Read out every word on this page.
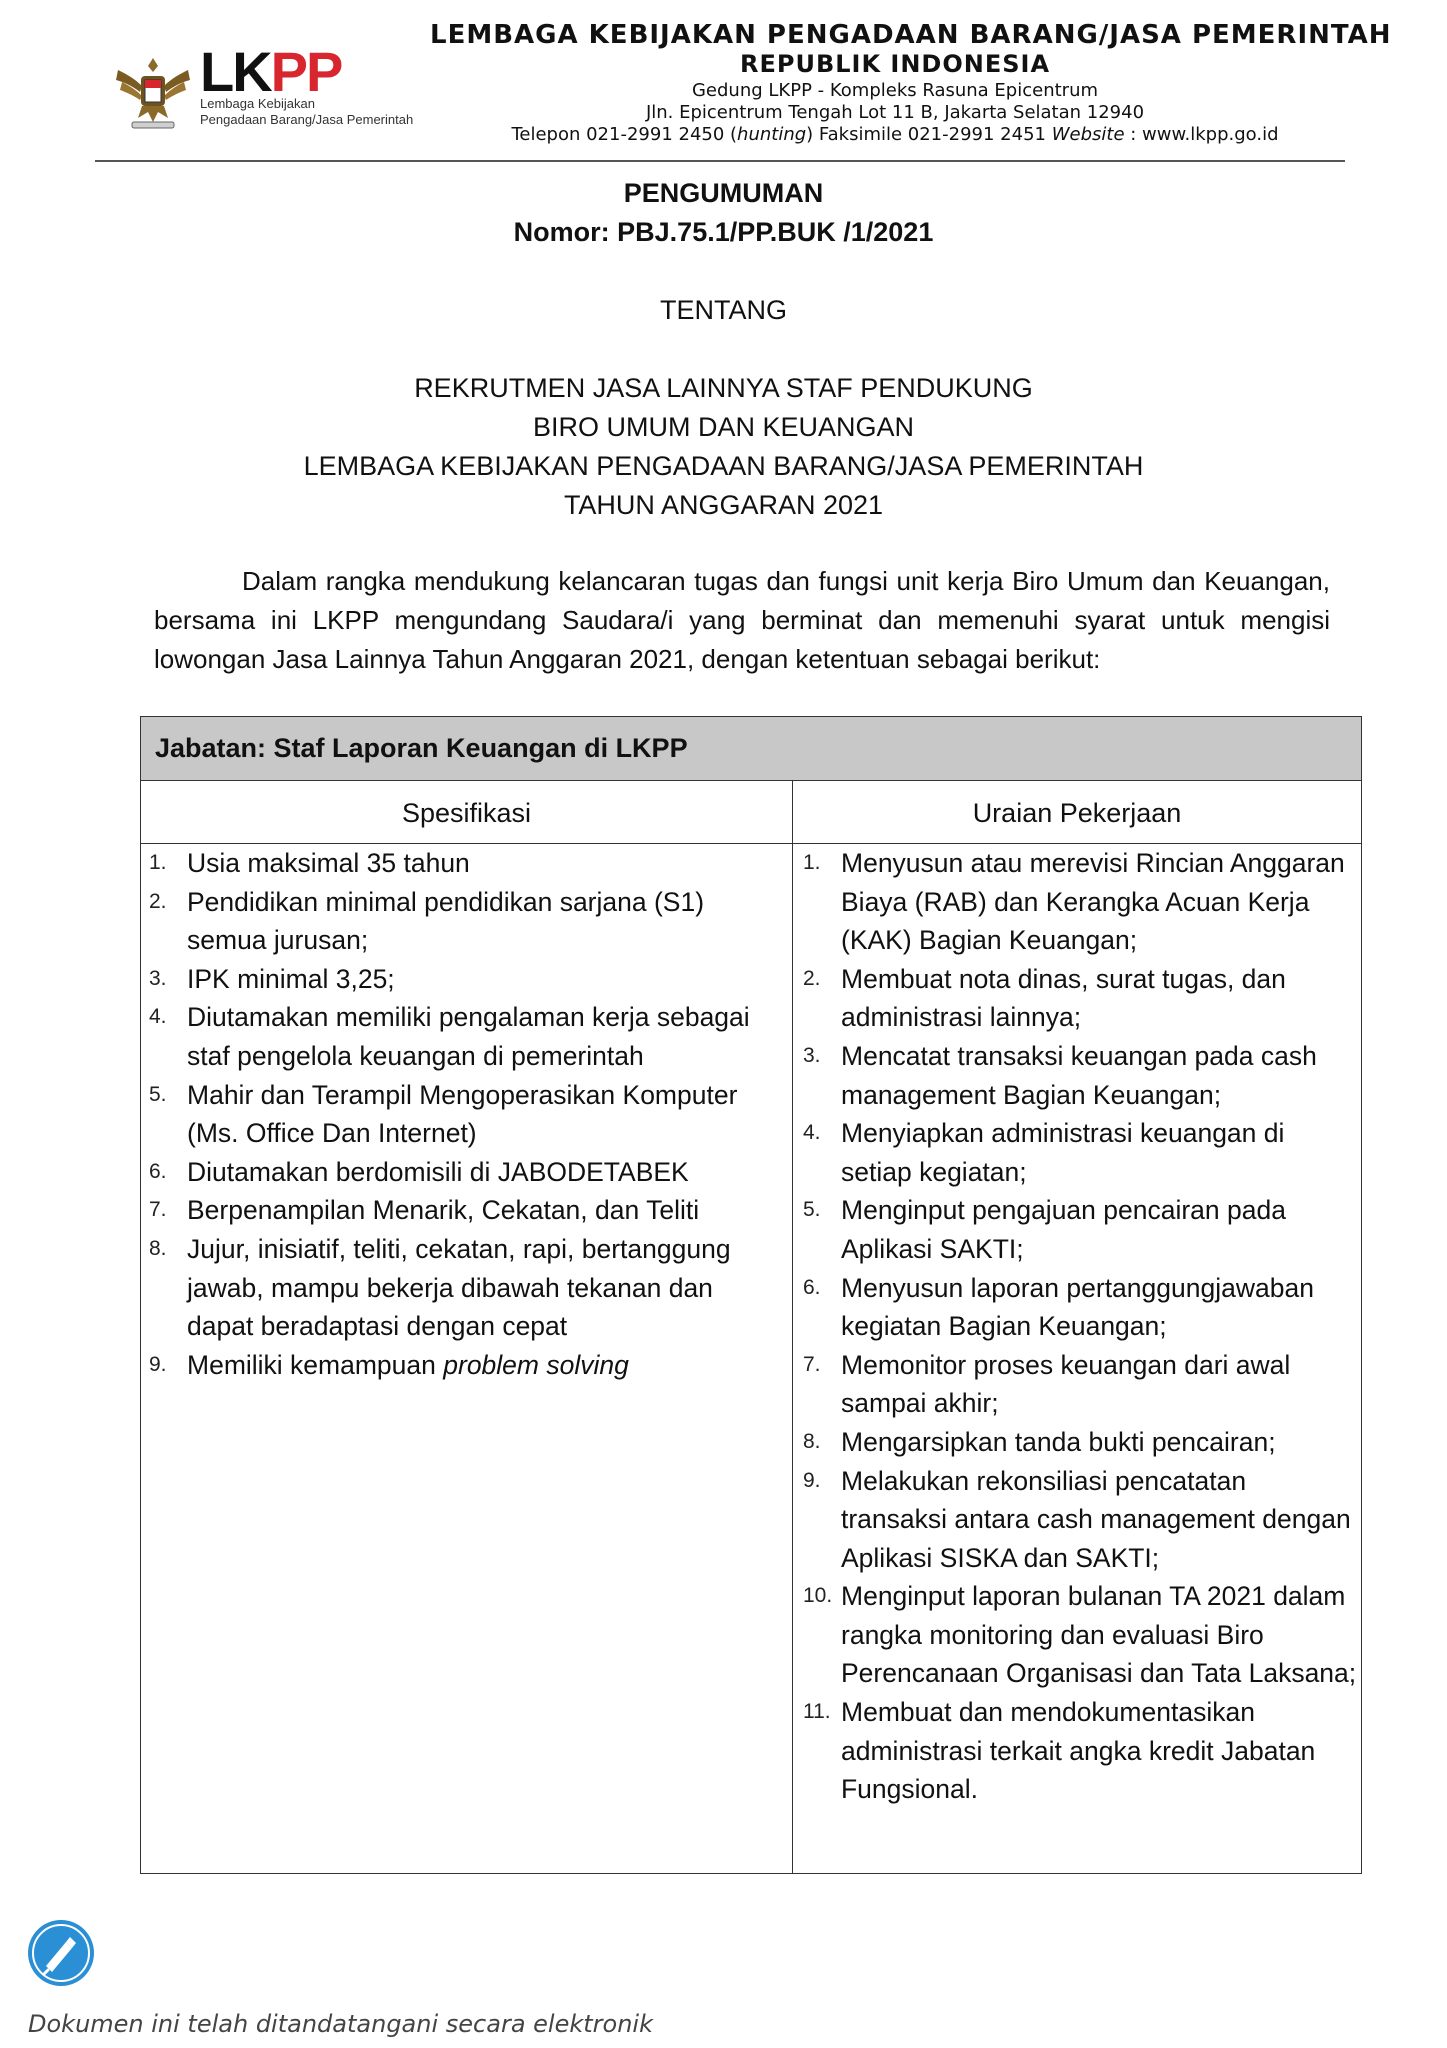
LKPP
Lembaga Kebijakan
Pengadaan Barang/Jasa Pemerintah
LEMBAGA KEBIJAKAN PENGADAAN BARANG/JASA PEMERINTAH
REPUBLIK INDONESIA
Gedung LKPP - Kompleks Rasuna Epicentrum
Jln. Epicentrum Tengah Lot 11 B, Jakarta Selatan 12940
Telepon 021-2991 2450 (hunting) Faksimile 021-2991 2451 Website : www.lkpp.go.id
PENGUMUMAN
Nomor: PBJ.75.1/PP.BUK /1/2021
TENTANG
REKRUTMEN JASA LAINNYA STAF PENDUKUNG
BIRO UMUM DAN KEUANGAN
LEMBAGA KEBIJAKAN PENGADAAN BARANG/JASA PEMERINTAH
TAHUN ANGGARAN 2021

Dalam rangka mendukung kelancaran tugas dan fungsi unit kerja Biro Umum dan Keuangan, bersama ini LKPP mengundang Saudara/i yang berminat dan memenuhi syarat untuk mengisi lowongan Jasa Lainnya Tahun Anggaran 2021, dengan ketentuan sebagai berikut:

Jabatan: Staf Laporan Keuangan di LKPP
Spesifikasi	Uraian Pekerjaan
1. Usia maksimal 35 tahun
2. Pendidikan minimal pendidikan sarjana (S1) semua jurusan;
3. IPK minimal 3,25;
4. Diutamakan memiliki pengalaman kerja sebagai staf pengelola keuangan di pemerintah
5. Mahir dan Terampil Mengoperasikan Komputer (Ms. Office Dan Internet)
6. Diutamakan berdomisili di JABODETABEK
7. Berpenampilan Menarik, Cekatan, dan Teliti
8. Jujur, inisiatif, teliti, cekatan, rapi, bertanggung jawab, mampu bekerja dibawah tekanan dan dapat beradaptasi dengan cepat
9. Memiliki kemampuan problem solving
1. Menyusun atau merevisi Rincian Anggaran Biaya (RAB) dan Kerangka Acuan Kerja (KAK) Bagian Keuangan;
2. Membuat nota dinas, surat tugas, dan administrasi lainnya;
3. Mencatat transaksi keuangan pada cash management Bagian Keuangan;
4. Menyiapkan administrasi keuangan di setiap kegiatan;
5. Menginput pengajuan pencairan pada Aplikasi SAKTI;
6. Menyusun laporan pertanggungjawaban kegiatan Bagian Keuangan;
7. Memonitor proses keuangan dari awal sampai akhir;
8. Mengarsipkan tanda bukti pencairan;
9. Melakukan rekonsiliasi pencatatan transaksi antara cash management dengan Aplikasi SISKA dan SAKTI;
10. Menginput laporan bulanan TA 2021 dalam rangka monitoring dan evaluasi Biro Perencanaan Organisasi dan Tata Laksana;
11. Membuat dan mendokumentasikan administrasi terkait angka kredit Jabatan Fungsional.
Dokumen ini telah ditandatangani secara elektronik
